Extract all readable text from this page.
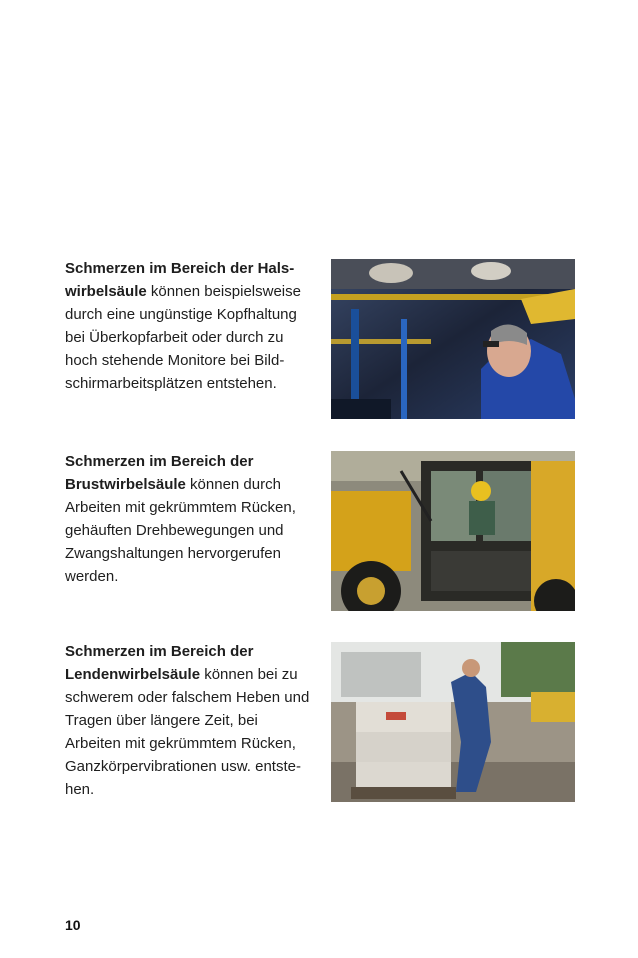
Schmerzen im Bereich der Halswirbelsäule können beispielsweise durch eine ungünstige Kopfhaltung bei Überkopfarbeit oder durch zu hoch stehende Monitore bei Bildschirmarbeitsplätzen entstehen.

Schmerzen im Bereich der Brustwirbelsäule können durch Arbeiten mit gekrümmtem Rücken, gehäuften Drehbewegungen und Zwangshaltungen hervorgerufen werden.

Schmerzen im Bereich der Lendenwirbelsäule können bei zu schwerem oder falschem Heben und Tragen über längere Zeit, bei Arbeiten mit gekrümmtem Rücken, Ganzkörpervibrationen usw. entstehen.

10
